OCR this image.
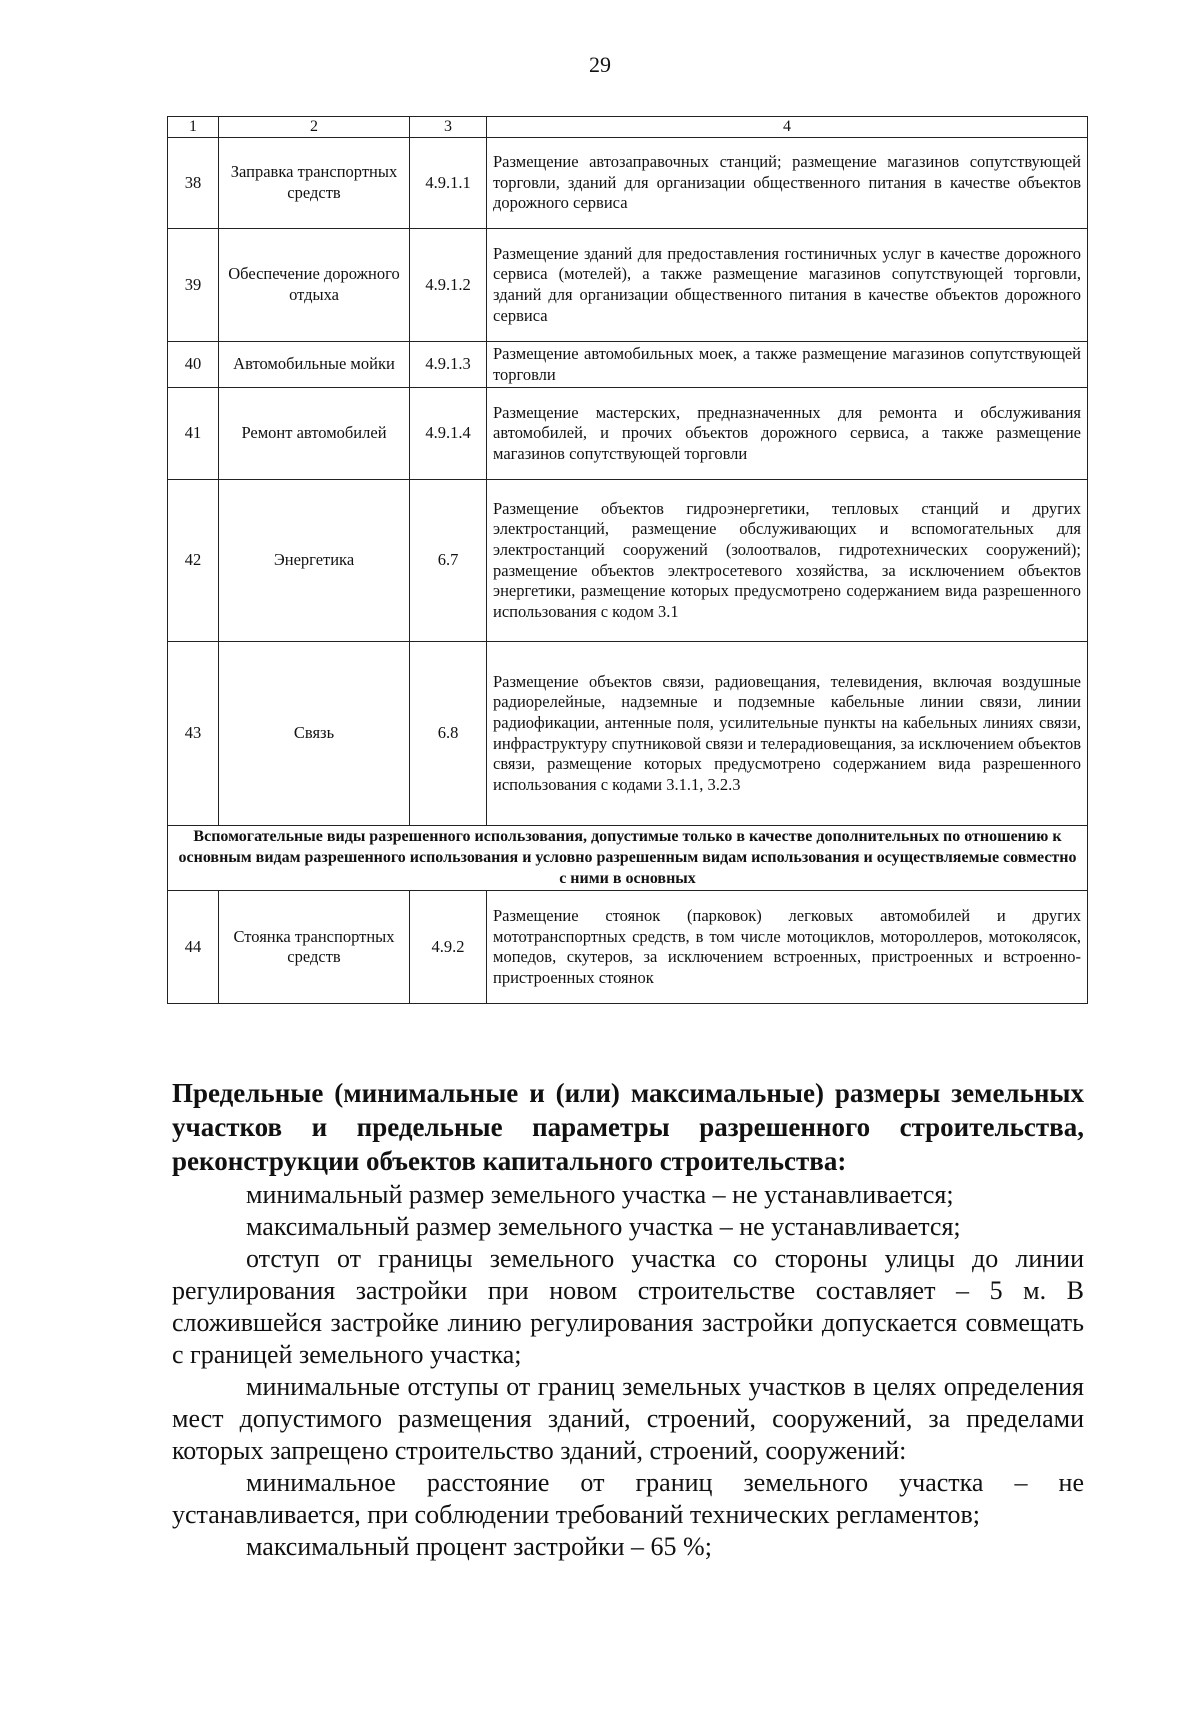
29
1	2	3	4
38	Заправка транспортных средств	4.9.1.1	Размещение автозаправочных станций; размещение магазинов сопутствующей торговли, зданий для организации общественного питания в качестве объектов дорожного сервиса
39	Обеспечение дорожного отдыха	4.9.1.2	Размещение зданий для предоставления гостиничных услуг в качестве дорожного сервиса (мотелей), а также размещение магазинов сопутствующей торговли, зданий для организации общественного питания в качестве объектов дорожного сервиса
40	Автомобильные мойки	4.9.1.3	Размещение автомобильных моек, а также размещение магазинов сопутствующей торговли
41	Ремонт автомобилей	4.9.1.4	Размещение мастерских, предназначенных для ремонта и обслуживания автомобилей, и прочих объектов дорожного сервиса, а также размещение магазинов сопутствующей торговли
42	Энергетика	6.7	Размещение объектов гидроэнергетики, тепловых станций и других электростанций, размещение обслуживающих и вспомогательных для электростанций сооружений (золоотвалов, гидротехнических сооружений); размещение объектов электросетевого хозяйства, за исключением объектов энергетики, размещение которых предусмотрено содержанием вида разрешенного использования с кодом 3.1
43	Связь	6.8	Размещение объектов связи, радиовещания, телевидения, включая воздушные радиорелейные, надземные и подземные кабельные линии связи, линии радиофикации, антенные поля, усилительные пункты на кабельных линиях связи, инфраструктуру спутниковой связи и телерадиовещания, за исключением объектов связи, размещение которых предусмотрено содержанием вида разрешенного использования с кодами 3.1.1, 3.2.3
Вспомогательные виды разрешенного использования, допустимые только в качестве дополнительных по отношению к основным видам разрешенного использования и условно разрешенным видам использования и осуществляемые совместно с ними в основных			
44	Стоянка транспортных средств	4.9.2	Размещение стоянок (парковок) легковых автомобилей и других мототранспортных средств, в том числе мотоциклов, мотороллеров, мотоколясок, мопедов, скутеров, за исключением встроенных, пристроенных и встроенно-пристроенных стоянок
Предельные (минимальные и (или) максимальные) размеры земельных участков и предельные параметры разрешенного строительства, реконструкции объектов капитального строительства:

минимальный размер земельного участка – не устанавливается;

максимальный размер земельного участка – не устанавливается;

отступ от границы земельного участка со стороны улицы до линии регулирования застройки при новом строительстве составляет – 5 м. В сложившейся застройке линию регулирования застройки допускается совмещать с границей земельного участка;

минимальные отступы от границ земельных участков в целях определения мест допустимого размещения зданий, строений, сооружений, за пределами которых запрещено строительство зданий, строений, сооружений:

минимальное расстояние от границ земельного участка – не устанавливается, при соблюдении требований технических регламентов;

максимальный процент застройки – 65 %;
